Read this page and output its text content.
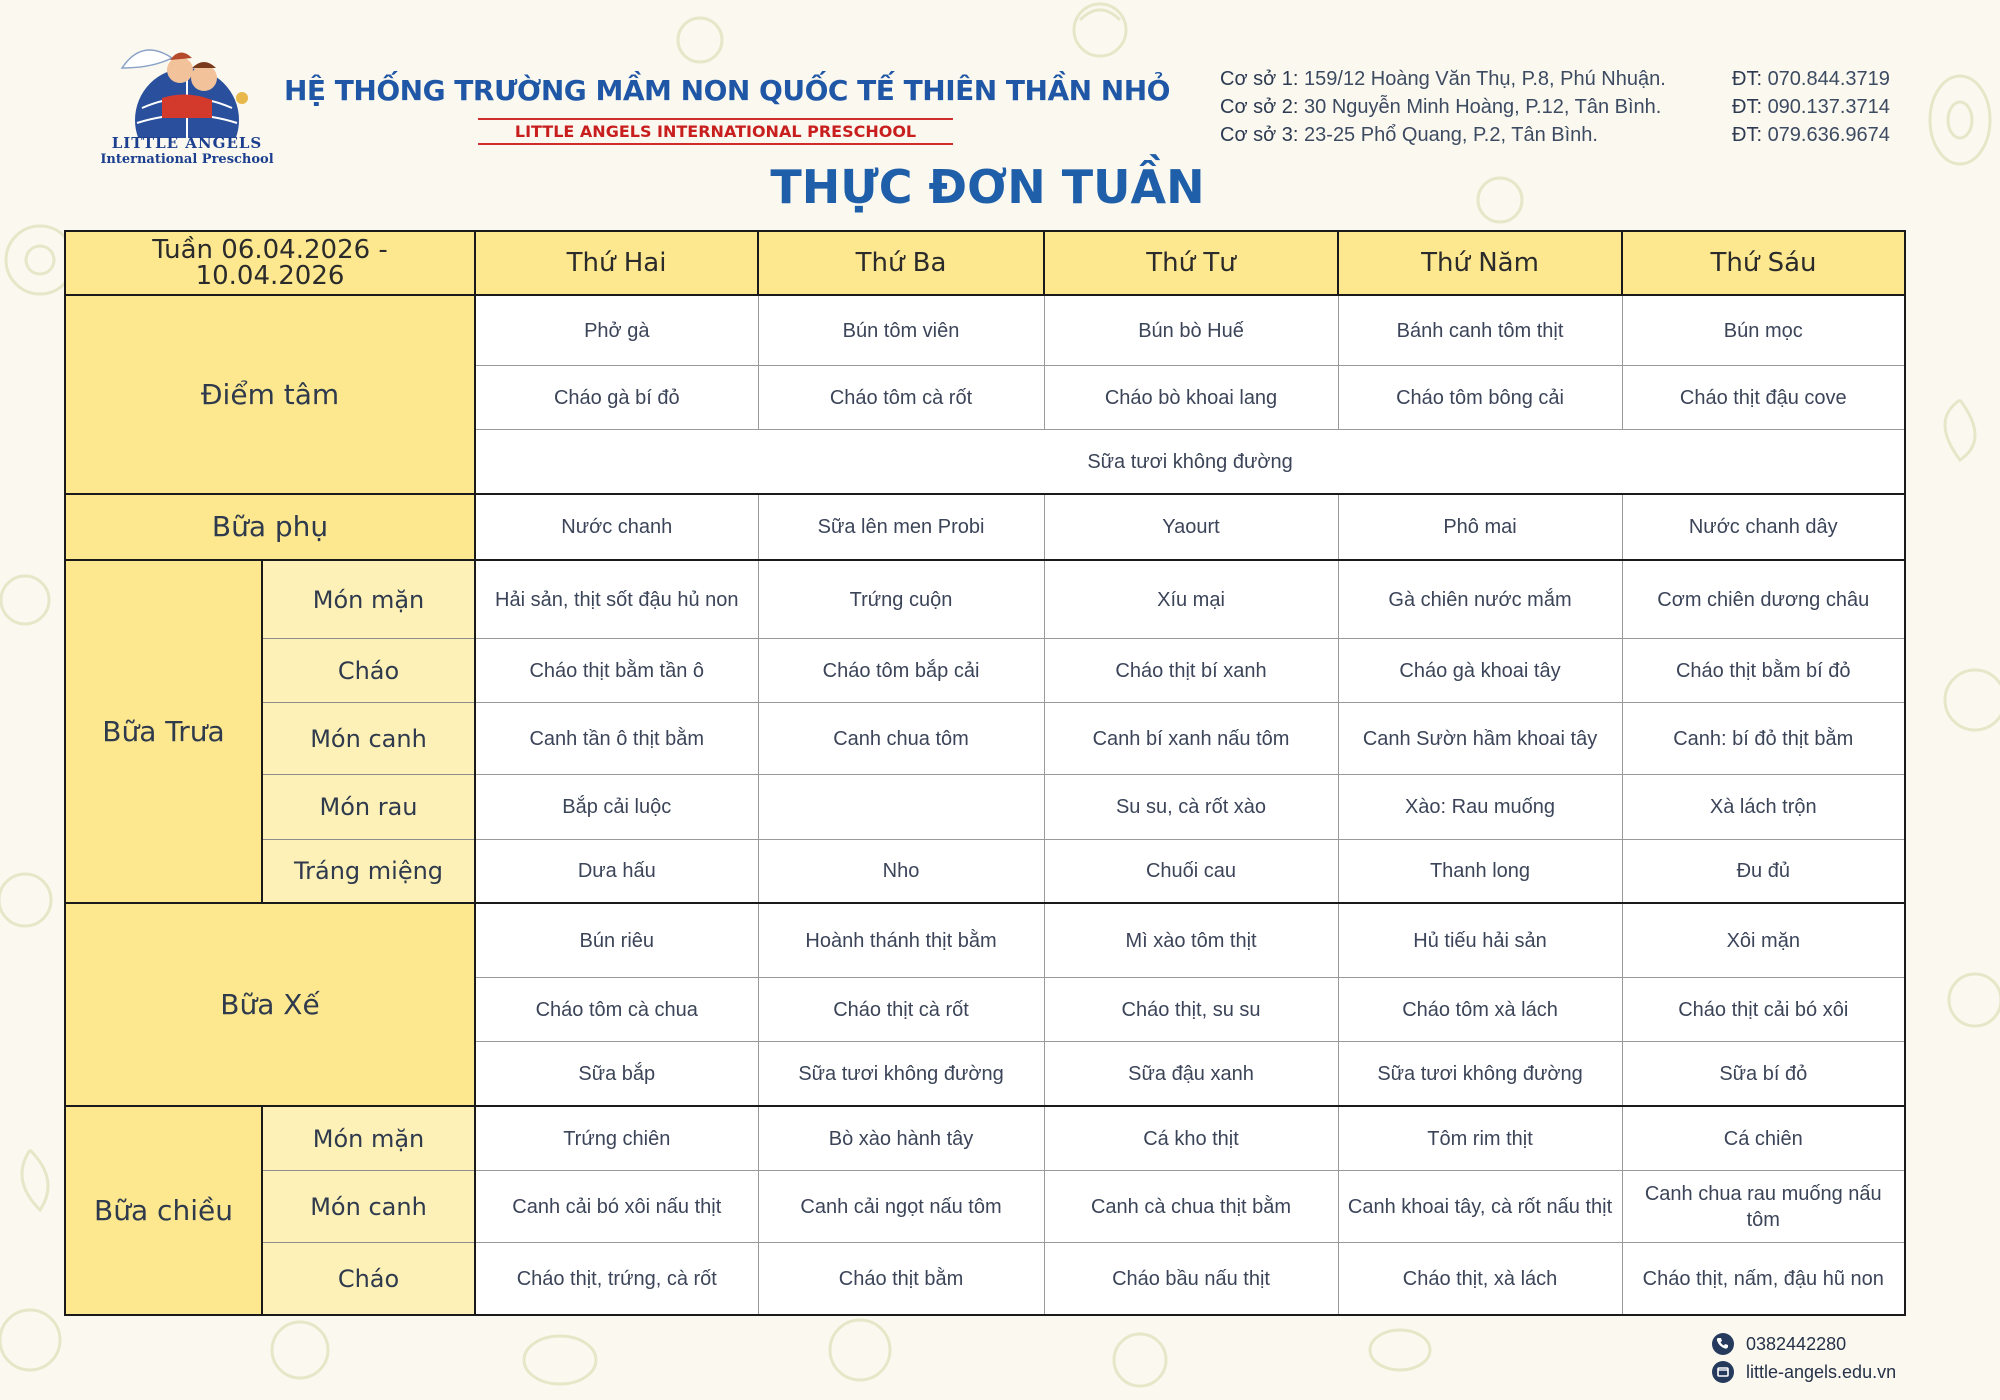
LITTLE ANGELS
International Preschool
HỆ THỐNG TRƯỜNG MẦM NON QUỐC TẾ THIÊN THẦN NHỎ
LITTLE ANGELS INTERNATIONAL PRESCHOOL
Cơ sở 1: 159/12 Hoàng Văn Thụ, P.8, Phú Nhuận.	ĐT: 070.844.3719
Cơ sở 2: 30 Nguyễn Minh Hoàng, P.12, Tân Bình.	ĐT: 090.137.3714
Cơ sở 3: 23-25 Phổ Quang, P.2, Tân Bình.	ĐT: 079.636.9674
THỰC ĐƠN TUẦN
Tuần 06.04.2026 - 10.04.2026		Thứ Hai	Thứ Ba	Thứ Tư	Thứ Năm	Thứ Sáu
Điểm tâm		Phở gà	Bún tôm viên	Bún bò Huế	Bánh canh tôm thịt	Bún mọc
		Cháo gà bí đỏ	Cháo tôm cà rốt	Cháo bò khoai lang	Cháo tôm bông cải	Cháo thịt đậu cove
		Sữa tươi không đường				
Bữa phụ		Nước chanh	Sữa lên men Probi	Yaourt	Phô mai	Nước chanh dây
Bữa Trưa	Món mặn	Hải sản, thịt sốt đậu hủ non	Trứng cuộn	Xíu mại	Gà chiên nước mắm	Cơm chiên dương châu
	Cháo	Cháo thịt bằm tần ô	Cháo tôm bắp cải	Cháo thịt bí xanh	Cháo gà khoai tây	Cháo thịt bằm bí đỏ
	Món canh	Canh tần ô thịt bằm	Canh chua tôm	Canh bí xanh nấu tôm	Canh Sườn hầm khoai tây	Canh: bí đỏ thịt bằm
	Món rau	Bắp cải luộc		Su su, cà rốt xào	Xào: Rau muống	Xà lách trộn
	Tráng miệng	Dưa hấu	Nho	Chuối cau	Thanh long	Đu đủ
Bữa Xế		Bún riêu	Hoành thánh thịt bằm	Mì xào tôm thịt	Hủ tiếu hải sản	Xôi mặn
		Cháo tôm cà chua	Cháo thịt cà rốt	Cháo thịt, su su	Cháo tôm xà lách	Cháo thịt cải bó xôi
		Sữa bắp	Sữa tươi không đường	Sữa đậu xanh	Sữa tươi không đường	Sữa bí đỏ
Bữa chiều	Món mặn	Trứng chiên	Bò xào hành tây	Cá kho thịt	Tôm rim thịt	Cá chiên
	Món canh	Canh cải bó xôi nấu thịt	Canh cải ngọt nấu tôm	Canh cà chua thịt bằm	Canh khoai tây, cà rốt nấu thịt	Canh chua rau muống nấu tôm
	Cháo	Cháo thịt, trứng, cà rốt	Cháo thịt bằm	Cháo bầu nấu thịt	Cháo thịt, xà lách	Cháo thịt, nấm, đậu hũ non
0382442280
little-angels.edu.vn
